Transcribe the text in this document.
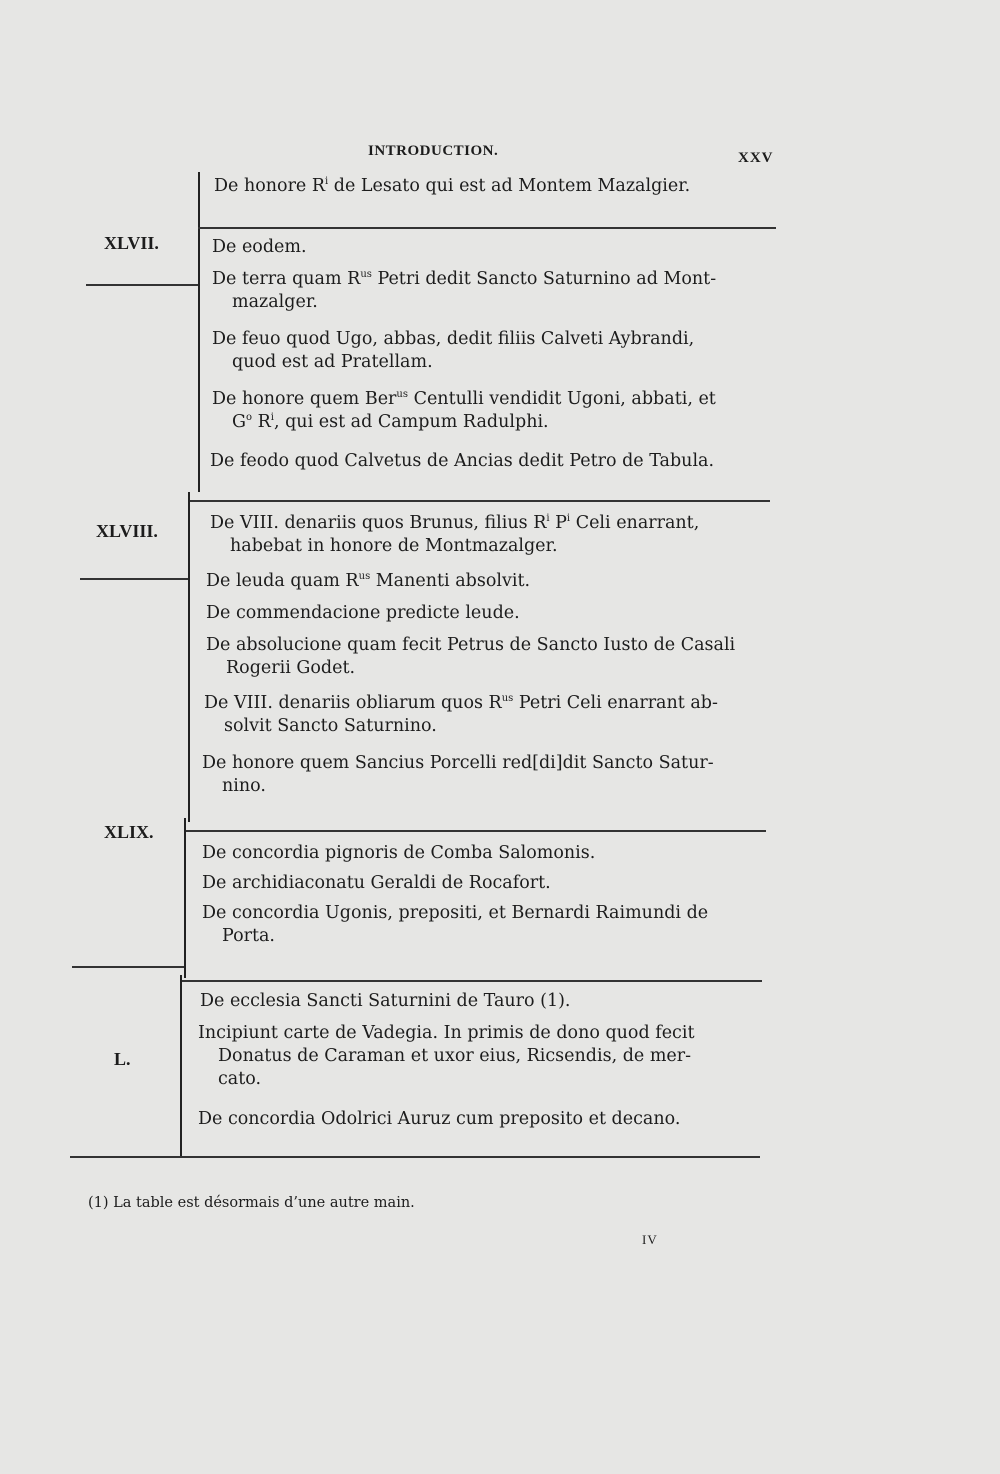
INTRODUCTION.	XXV
XLVII.
XLVIII.
XLIX.
L.
De honore $R^i$ de Lesato qui est ad Montem Mazalgier.
De eodem.
De terra quam $R^{us}$ Petri dedit Sancto Saturnino ad Mont-
mazalger.
De feuo quod Ugo, abbas, dedit filiis Calveti Aybrandi,
quod est ad Pratellam.
De honore quem Ber$^{us}$ Centulli vendidit Ugoni, abbati, et
$G^o$ $R^i$, qui est ad Campum Radulphi.
De feodo quod Calvetus de Ancias dedit Petro de Tabula.
De VIII. denariis quos Brunus, filius $R^i$ $P^i$ Celi enarrant,
habebat in honore de Montmazalger.
De leuda quam $R^{us}$ Manenti absolvit.
De commendacione predicte leude.
De absolucione quam fecit Petrus de Sancto Iusto de Casali
Rogerii Godet.
De VIII. denariis obliarum quos $R^{us}$ Petri Celi enarrant ab-
solvit Sancto Saturnino.
De honore quem Sancius Porcelli red[di]dit Sancto Satur-
nino.
De concordia pignoris de Comba Salomonis.
De archidiaconatu Geraldi de Rocafort.
De concordia Ugonis, prepositi, et Bernardi Raimundi de
Porta.
De ecclesia Sancti Saturnini de Tauro (1).
Incipiunt carte de Vadegia. In primis de dono quod fecit
Donatus de Caraman et uxor eius, Ricsendis, de mer-
cato.
De concordia Odolrici Auruz cum preposito et decano.
(1) La table est désormais d’une autre main.
IV
